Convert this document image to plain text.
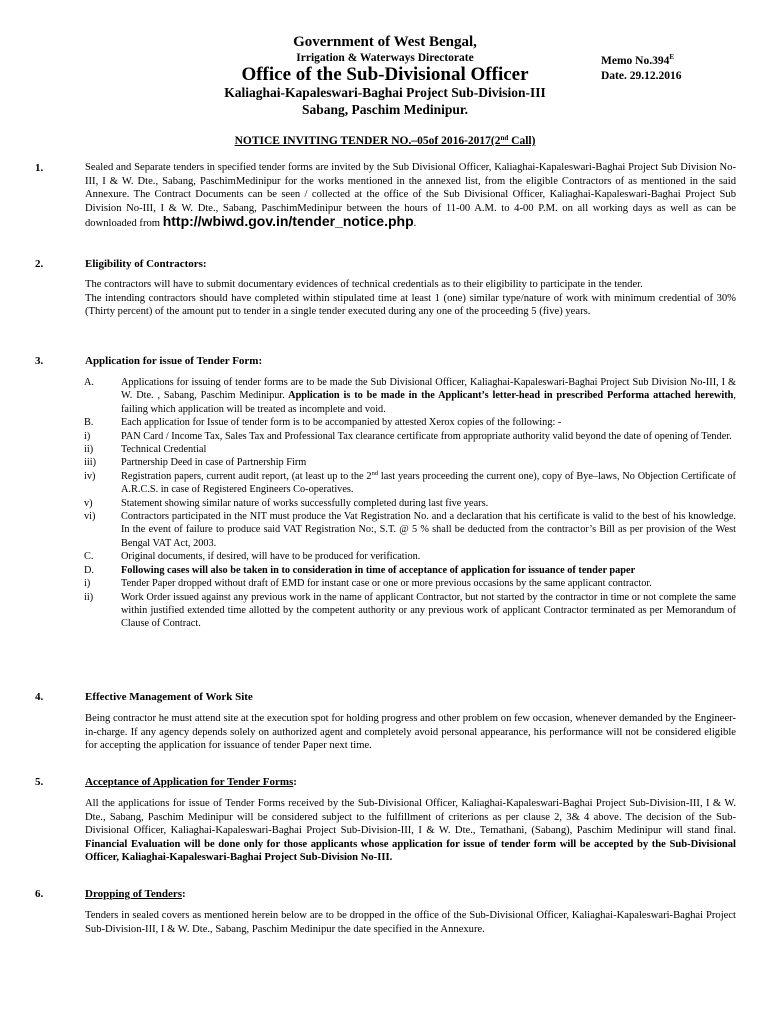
Government of West Bengal,
Irrigation & Waterways Directorate
Office of the Sub-Divisional Officer
Kaliaghai-Kapaleswari-Baghai Project Sub-Division-III
Sabang, Paschim Medinipur.
Memo $No.394^E$
Date. 29.12.2016
NOTICE INVITING TENDER NO.–05of 2016-2017(2nd Call)
1.	Sealed and Separate tenders in specified tender forms are invited by the Sub Divisional Officer, Kaliaghai-Kapaleswari-Baghai Project Sub Division No-III, I & W. Dte., Sabang, PaschimMedinipur for the works mentioned in the annexed list, from the eligible Contractors of as mentioned in the said Annexure. The Contract Documents can be seen / collected at the office of the Sub Divisional Officer, Kaliaghai-Kapaleswari-Baghai Project Sub Division No-III, I & W. Dte., Sabang, PaschimMedinipur between the hours of 11-00 A.M. to 4-00 P.M. on all working days as well as can be downloaded from http://wbiwd.gov.in/tender_notice.php.

2.	Eligibility of Contractors:

The contractors will have to submit documentary evidences of technical credentials as to their eligibility to participate in the tender.

The intending contractors should have completed within stipulated time at least 1 (one) similar type/nature of work with minimum credential of 30% (Thirty percent) of the amount put to tender in a single tender executed during any one of the proceeding 5 (five) years.

3.	Application for issue of Tender Form:
A.	Applications for issuing of tender forms are to be made the Sub Divisional Officer, Kaliaghai-Kapaleswari-Baghai Project Sub Division No-III, I & W. Dte. , Sabang, Paschim Medinipur. Application is to be made in the Applicant’s letter-head in prescribed Performa attached herewith, failing which application will be treated as incomplete and void.
B.	Each application for Issue of tender form is to be accompanied by attested Xerox copies of the following: -
i)	PAN Card / Income Tax, Sales Tax and Professional Tax clearance certificate from appropriate authority valid beyond the date of opening of Tender.
ii)	Technical Credential
iii)	Partnership Deed in case of Partnership Firm
iv)	Registration papers, current audit report, (at least up to the 2nd last years proceeding the current one), copy of Bye–laws, No Objection Certificate of A.R.C.S. in case of Registered Engineers Co-operatives.
v)	Statement showing similar nature of works successfully completed during last five years.
vi)	Contractors participated in the NIT must produce the Vat Registration No. and a declaration that his certificate is valid to the best of his knowledge. In the event of failure to produce said VAT Registration No:, S.T. @ 5 % shall be deducted from the contractor’s Bill as per provision of the West Bengal VAT Act, 2003.
C.	Original documents, if desired, will have to be produced for verification.
D.	Following cases will also be taken in to consideration in time of acceptance of application for issuance of tender paper
i)	Tender Paper dropped without draft of EMD for instant case or one or more previous occasions by the same applicant contractor.
ii)	Work Order issued against any previous work in the name of applicant Contractor, but not started by the contractor in time or not complete the same within justified extended time allotted by the competent authority or any previous work of applicant Contractor terminated as per Memorandum of Clause of Contract.
4.	Effective Management of Work Site

Being contractor he must attend site at the execution spot for holding progress and other problem on few occasion, whenever demanded by the Engineer-in-charge. If any agency depends solely on authorized agent and completely avoid personal appearance, his performance will not be considered eligible for accepting the application for issuance of tender Paper next time.

5.	Acceptance of Application for Tender Forms:

All the applications for issue of Tender Forms received by the Sub-Divisional Officer, Kaliaghai-Kapaleswari-Baghai Project Sub-Division-III, I & W. Dte., Sabang, Paschim Medinipur will be considered subject to the fulfillment of criterions as per clause 2, 3& 4 above. The decision of the Sub-Divisional Officer, Kaliaghai-Kapaleswari-Baghai Project Sub-Division-III, I & W. Dte., Temathani, (Sabang), Paschim Medinipur will stand final. Financial Evaluation will be done only for those applicants whose application for issue of tender form will be accepted by the Sub-Divisional Officer, Kaliaghai-Kapaleswari-Baghai Project Sub-Division No-III.

6.	Dropping of Tenders:

Tenders in sealed covers as mentioned herein below are to be dropped in the office of the Sub-Divisional Officer, Kaliaghai-Kapaleswari-Baghai Project Sub-Division-III, I & W. Dte., Sabang, Paschim Medinipur the date specified in the Annexure.
